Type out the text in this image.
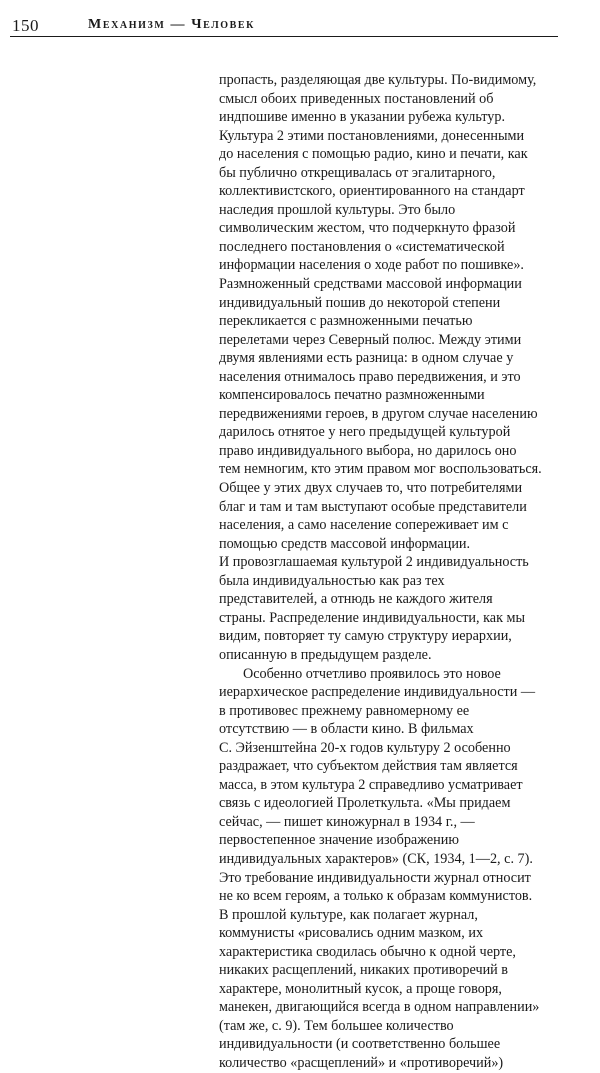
150	Механизм — Человек
пропасть, разделяющая две культуры. По-видимому,
смысл обоих приведенных постановлений об
индпошиве именно в указании рубежа культур.
Культура 2 этими постановлениями, донесенными
до населения с помощью радио, кино и печати, как
бы публично открещивалась от эгалитарного,
коллективистского, ориентированного на стандарт
наследия прошлой культуры. Это было
символическим жестом, что подчеркнуто фразой
последнего постановления о «систематической
информации населения о ходе работ по пошивке».
Размноженный средствами массовой информации
индивидуальный пошив до некоторой степени
перекликается с размноженными печатью
перелетами через Северный полюс. Между этими
двумя явлениями есть разница: в одном случае у
населения отнималось право передвижения, и это
компенсировалось печатно размноженными
передвижениями героев, в другом случае населению
дарилось отнятое у него предыдущей культурой
право индивидуального выбора, но дарилось оно
тем немногим, кто этим правом мог воспользоваться.
Общее у этих двух случаев то, что потребителями
благ и там и там выступают особые представители
населения, а само население сопереживает им с
помощью средств массовой информации.
И провозглашаемая культурой 2 индивидуальность
была индивидуальностью как раз тех
представителей, а отнюдь не каждого жителя
страны. Распределение индивидуальности, как мы
видим, повторяет ту самую структуру иерархии,
описанную в предыдущем разделе.
Особенно отчетливо проявилось это новое
иерархическое распределение индивидуальности —
в противовес прежнему равномерному ее
отсутствию — в области кино. В фильмах
С. Эйзенштейна 20-х годов культуру 2 особенно
раздражает, что субъектом действия там является
масса, в этом культура 2 справедливо усматривает
связь с идеологией Пролеткульта. «Мы придаем
сейчас, — пишет киножурнал в 1934 г., —
первостепенное значение изображению
индивидуальных характеров» (СК, 1934, 1—2, с. 7).
Это требование индивидуальности журнал относит
не ко всем героям, а только к образам коммунистов.
В прошлой культуре, как полагает журнал,
коммунисты «рисовались одним мазком, их
характеристика сводилась обычно к одной черте,
никаких расщеплений, никаких противоречий в
характере, монолитный кусок, а проще говоря,
манекен, двигающийся всегда в одном направлении»
(там же, с. 9). Тем большее количество
индивидуальности (и соответственно большее
количество «расщеплений» и «противоречий»)
